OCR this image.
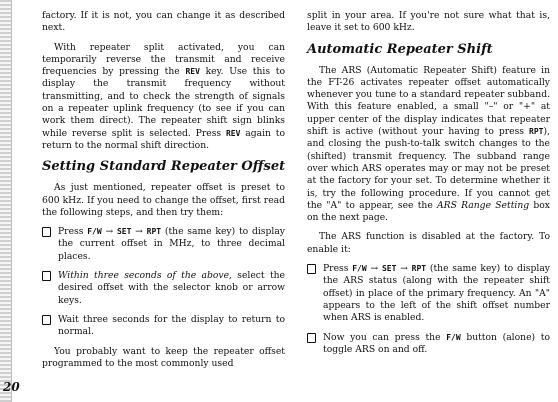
20

factory. If it is not, you can change it as described next.

With repeater split activated, you can temporarily reverse the transmit and receive frequencies by pressing the REV key. Use this to display the transmit frequency without transmitting, and to check the strength of signals on a repeater uplink frequency (to see if you can work them direct). The repeater shift sign blinks while reverse split is selected. Press REV again to return to the normal shift direction.

Setting Standard Repeater Offset

As just mentioned, repeater offset is preset to 600 kHz. If you need to change the offset, first read the following steps, and then try them:

Press F/W → SET → RPT (the same key) to display the current offset in MHz, to three decimal places.
Within three seconds of the above, select the desired offset with the selector knob or arrow keys.
Wait three seconds for the display to return to normal.

You probably want to keep the repeater offset programmed to the most commonly used

split in your area. If you're not sure what that is, leave it set to 600 kHz.

Automatic Repeater Shift

The ARS (Automatic Repeater Shift) feature in the FT-26 activates repeater offset automatically whenever you tune to a standard repeater subband. With this feature enabled, a small "–" or "+" at upper center of the display indicates that repeater shift is active (without your having to press RPT), and closing the push-to-talk switch changes to the (shifted) transmit frequency. The subband range over which ARS operates may or may not be preset at the factory for your set. To determine whether it is, try the following procedure. If you cannot get the "A" to appear, see the ARS Range Setting box on the next page.

The ARS function is disabled at the factory. To enable it:

Press F/W → SET → RPT (the same key) to display the ARS status (along with the repeater shift offset) in place of the primary frequency. An "A" appears to the left of the shift offset number when ARS is enabled.
Now you can press the F/W button (alone) to toggle ARS on and off.
